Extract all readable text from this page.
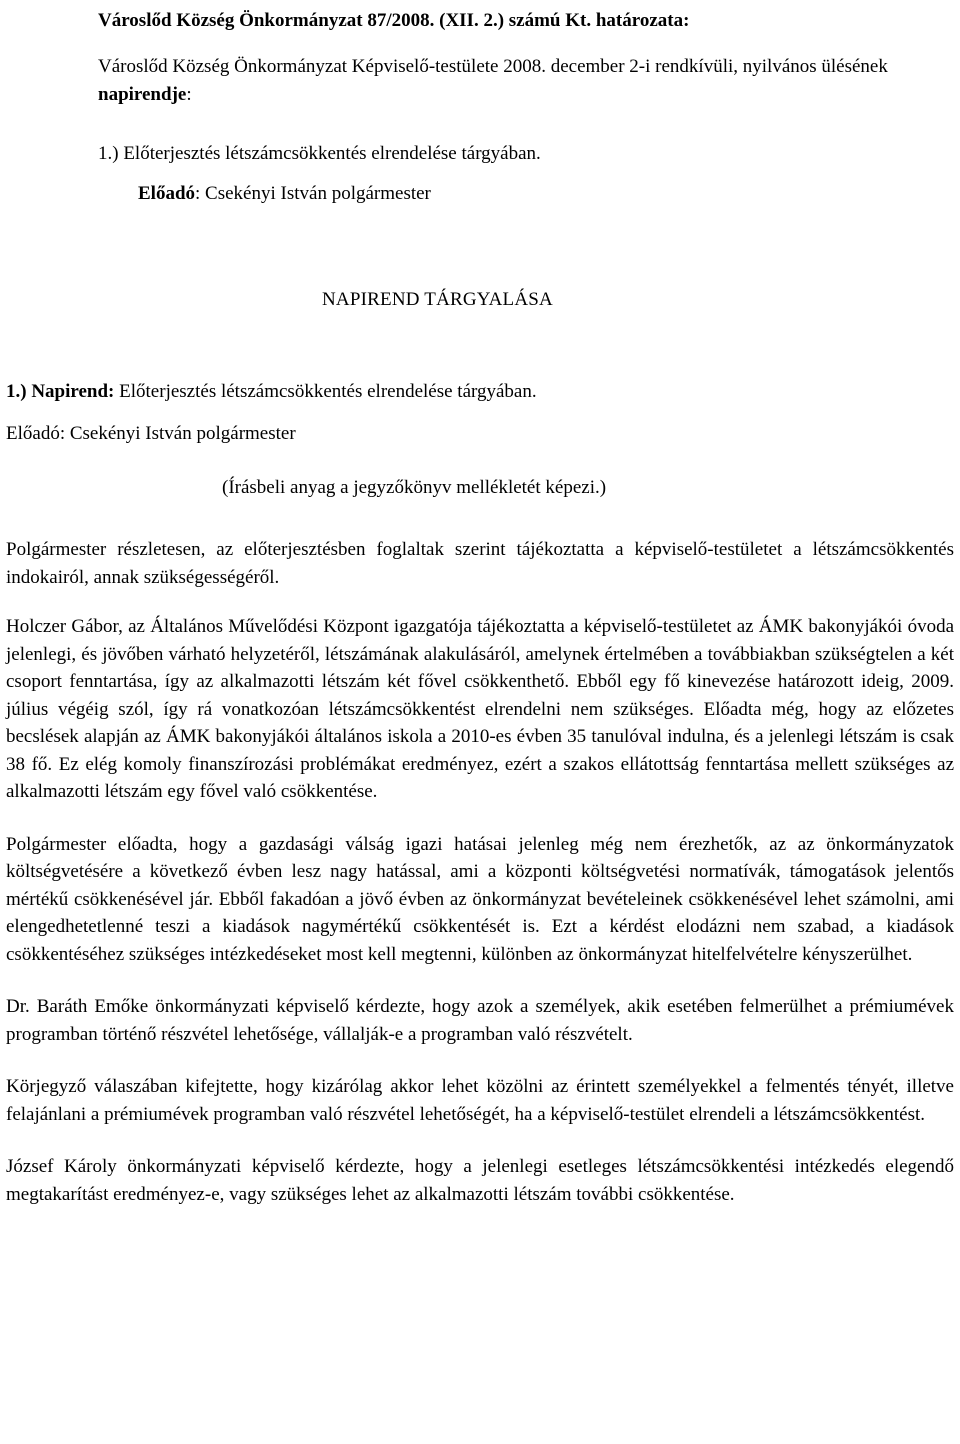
Városlőd Község Önkormányzat 87/2008. (XII. 2.) számú Kt. határozata:
Városlőd Község Önkormányzat Képviselő-testülete 2008. december 2-i rendkívüli, nyilvános ülésének napirendje:
1.) Előterjesztés létszámcsökkentés elrendelése tárgyában.
Előadó: Csekényi István polgármester
NAPIREND TÁRGYALÁSA
1.) Napirend: Előterjesztés létszámcsökkentés elrendelése tárgyában.
Előadó: Csekényi István polgármester
(Írásbeli anyag a jegyzőkönyv mellékletét képezi.)

Polgármester részletesen, az előterjesztésben foglaltak szerint tájékoztatta a képviselő-testületet a létszámcsökkentés indokairól, annak szükségességéről.

Holczer Gábor, az Általános Művelődési Központ igazgatója tájékoztatta a képviselő-testületet az ÁMK bakonyjákói óvoda jelenlegi, és jövőben várható helyzetéről, létszámának alakulásáról, amelynek értelmében a továbbiakban szükségtelen a két csoport fenntartása, így az alkalmazotti létszám két fővel csökkenthető. Ebből egy fő kinevezése határozott ideig, 2009. július végéig szól, így rá vonatkozóan létszámcsökkentést elrendelni nem szükséges. Előadta még, hogy az előzetes becslések alapján az ÁMK bakonyjákói általános iskola a 2010-es évben 35 tanulóval indulna, és a jelenlegi létszám is csak 38 fő. Ez elég komoly finanszírozási problémákat eredményez, ezért a szakos ellátottság fenntartása mellett szükséges az alkalmazotti létszám egy fővel való csökkentése.

Polgármester előadta, hogy a gazdasági válság igazi hatásai jelenleg még nem érezhetők, az az önkormányzatok költségvetésére a következő évben lesz nagy hatással, ami a központi költségvetési normatívák, támogatások jelentős mértékű csökkenésével jár. Ebből fakadóan a jövő évben az önkormányzat bevételeinek csökkenésével lehet számolni, ami elengedhetetlenné teszi a kiadások nagymértékű csökkentését is. Ezt a kérdést elodázni nem szabad, a kiadások csökkentéséhez szükséges intézkedéseket most kell megtenni, különben az önkormányzat hitelfelvételre kényszerülhet.

Dr. Baráth Emőke önkormányzati képviselő kérdezte, hogy azok a személyek, akik esetében felmerülhet a prémiumévek programban történő részvétel lehetősége, vállalják-e a programban való részvételt.

Körjegyző válaszában kifejtette, hogy kizárólag akkor lehet közölni az érintett személyekkel a felmentés tényét, illetve felajánlani a prémiumévek programban való részvétel lehetőségét, ha a képviselő-testület elrendeli a létszámcsökkentést.

József Károly önkormányzati képviselő kérdezte, hogy a jelenlegi esetleges létszámcsökkentési intézkedés elegendő megtakarítást eredményez-e, vagy szükséges lehet az alkalmazotti létszám további csökkentése.
